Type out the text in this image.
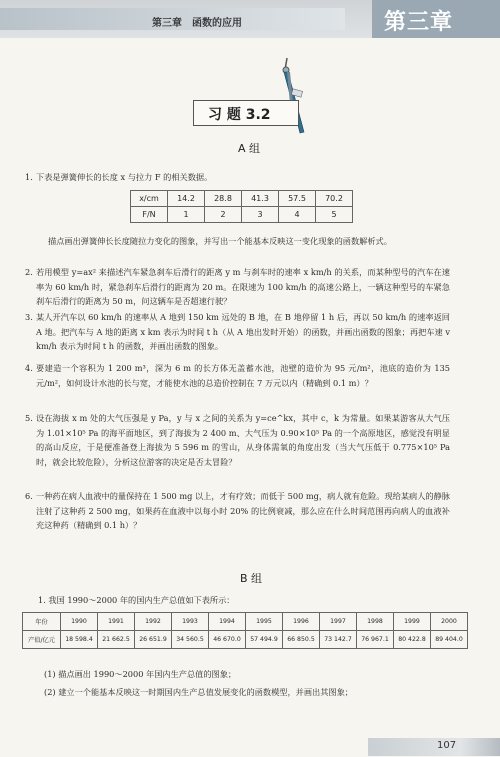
第三章　函数的应用	第三章
习 题 3.2
A 组
1. 下表是弹簧伸长的长度 x 与拉力 F 的相关数据。
x/cm	14.2	28.8	41.3	57.5	70.2
F/N	1	2	3	4	5
描点画出弹簧伸长长度随拉力变化的图象，并写出一个能基本反映这一变化现象的函数解析式。
2. 若用模型 y=ax² 来描述汽车紧急刹车后滑行的距离 y m 与刹车时的速率 x km/h 的关系，而某种型号的汽车在速率为 60 km/h 时，紧急刹车后滑行的距离为 20 m。在限速为 100 km/h 的高速公路上，一辆这种型号的车紧急刹车后滑行的距离为 50 m，问这辆车是否超速行驶？
3. 某人开汽车以 60 km/h 的速率从 A 地到 150 km 远处的 B 地，在 B 地停留 1 h 后，再以 50 km/h 的速率返回 A 地。把汽车与 A 地的距离 x km 表示为时间 t h（从 A 地出发时开始）的函数，并画出函数的图象；再把车速 v km/h 表示为时间 t h 的函数，并画出函数的图象。
4. 要建造一个容积为 1 200 m³，深为 6 m 的长方体无盖蓄水池，池壁的造价为 95 元/m²，池底的造价为 135 元/m²，如何设计水池的长与宽，才能使水池的总造价控制在 7 万元以内（精确到 0.1 m）？
5. 设在海拔 x m 处的大气压强是 y Pa，y 与 x 之间的关系为 y=ce^kx，其中 c，k 为常量。如果某游客从大气压为 1.01×10⁵ Pa 的海平面地区，到了海拔为 2 400 m、大气压为 0.90×10⁵ Pa 的一个高原地区，感觉没有明显的高山反应，于是便准备登上海拔为 5 596 m 的雪山，从身体需氧的角度出发（当大气压低于 0.775×10⁵ Pa 时，就会比较危险），分析这位游客的决定是否太冒险？
6. 一种药在病人血液中的量保持在 1 500 mg 以上，才有疗效；而低于 500 mg，病人就有危险。现给某病人的静脉注射了这种药 2 500 mg，如果药在血液中以每小时 20% 的比例衰减，那么应在什么时间范围再向病人的血液补充这种药（精确到 0.1 h）？
B 组
1. 我国 1990～2000 年的国内生产总值如下表所示：
年份	1990	1991	1992	1993	1994	1995	1996	1997	1998	1999	2000
产值/亿元	18 598.4	21 662.5	26 651.9	34 560.5	46 670.0	57 494.9	66 850.5	73 142.7	76 967.1	80 422.8	89 404.0
(1) 描点画出 1990～2000 年国内生产总值的图象；
(2) 建立一个能基本反映这一时期国内生产总值发展变化的函数模型，并画出其图象；
107
